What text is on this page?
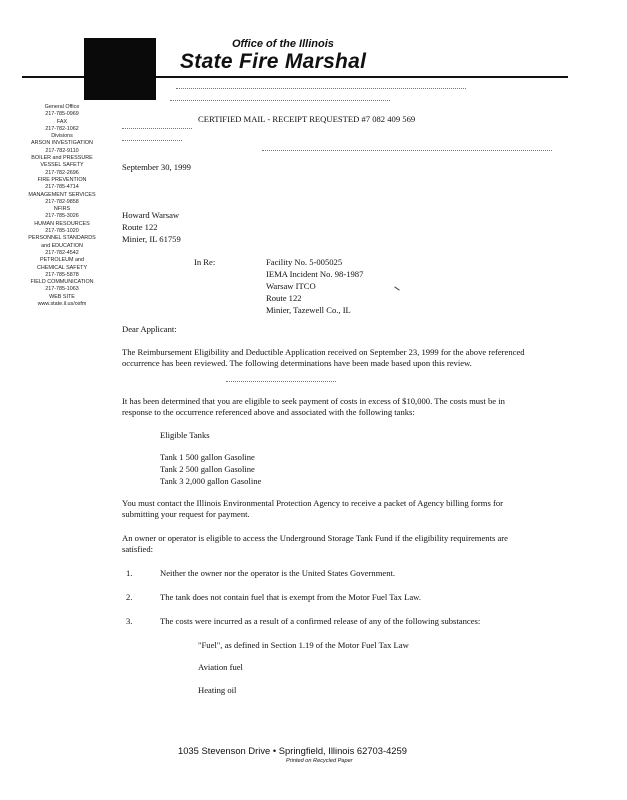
Office of the Illinois
State Fire Marshal
General Office
217-785-0969
FAX
217-782-1062
Divisions
ARSON INVESTIGATION
217-782-9110
BOILER and PRESSURE
VESSEL SAFETY
217-782-2696
FIRE PREVENTION
217-785-4714
MANAGEMENT SERVICES
217-782-9858
NFIRS
217-785-3026
HUMAN RESOURCES
217-785-1020
PERSONNEL STANDARDS
and EDUCATION
217-782-4542
PETROLEUM and
CHEMICAL SAFETY
217-785-5878
FIELD COMMUNICATION
217-785-1063
WEB SITE
www.state.il.us/osfm
CERTIFIED MAIL - RECEIPT REQUESTED #7 082 409 569
September 30, 1999
Howard Warsaw
Route 122
Minier, IL 61759
In Re:	Facility No. 5-005025
IEMA Incident No. 98-1987
Warsaw ITCO
Route 122
Minier, Tazewell Co., IL
Dear Applicant:
The Reimbursement Eligibility and Deductible Application received on September 23, 1999 for the above referenced occurrence has been reviewed. The following determinations have been made based upon this review.
It has been determined that you are eligible to seek payment of costs in excess of $10,000. The costs must be in response to the occurrence referenced above and associated with the following tanks:
Eligible Tanks
Tank 1 500 gallon Gasoline
Tank 2 500 gallon Gasoline
Tank 3 2,000 gallon Gasoline
You must contact the Illinois Environmental Protection Agency to receive a packet of Agency billing forms for submitting your request for payment.
An owner or operator is eligible to access the Underground Storage Tank Fund if the eligibility requirements are satisfied:
1.	Neither the owner nor the operator is the United States Government.
2.	The tank does not contain fuel that is exempt from the Motor Fuel Tax Law.
3.	The costs were incurred as a result of a confirmed release of any of the following substances:
"Fuel", as defined in Section 1.19 of the Motor Fuel Tax Law
Aviation fuel
Heating oil
1035 Stevenson Drive • Springfield, Illinois 62703-4259
Printed on Recycled Paper
